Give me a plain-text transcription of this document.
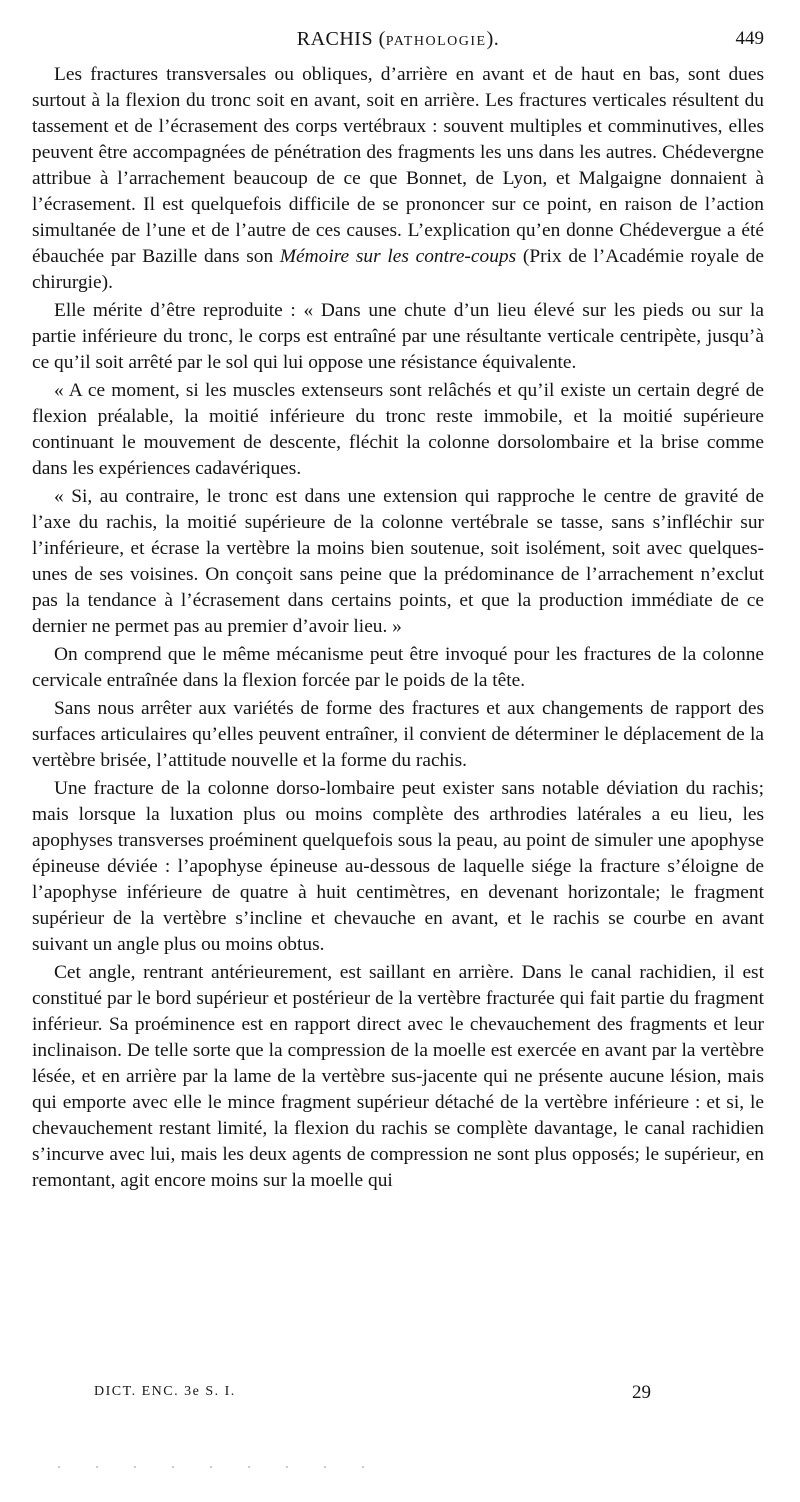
RACHIS (PATHOLOGIE).	449

Les fractures transversales ou obliques, d’arrière en avant et de haut en bas, sont dues surtout à la flexion du tronc soit en avant, soit en arrière. Les fractures verticales résultent du tassement et de l’écrasement des corps vertébraux : souvent multiples et comminutives, elles peuvent être accompagnées de pénétration des fragments les uns dans les autres. Chédevergne attribue à l’arrachement beaucoup de ce que Bonnet, de Lyon, et Malgaigne donnaient à l’écrasement. Il est quelquefois difficile de se prononcer sur ce point, en raison de l’action simultanée de l’une et de l’autre de ces causes. L’explication qu’en donne Chédevergue a été ébauchée par Bazille dans son Mémoire sur les contre-coups (Prix de l’Académie royale de chirurgie).

Elle mérite d’être reproduite : « Dans une chute d’un lieu élevé sur les pieds ou sur la partie inférieure du tronc, le corps est entraîné par une résultante verticale centripète, jusqu’à ce qu’il soit arrêté par le sol qui lui oppose une résistance équivalente.

« A ce moment, si les muscles extenseurs sont relâchés et qu’il existe un certain degré de flexion préalable, la moitié inférieure du tronc reste immobile, et la moitié supérieure continuant le mouvement de descente, fléchit la colonne dorsolombaire et la brise comme dans les expériences cadavériques.

« Si, au contraire, le tronc est dans une extension qui rapproche le centre de gravité de l’axe du rachis, la moitié supérieure de la colonne vertébrale se tasse, sans s’infléchir sur l’inférieure, et écrase la vertèbre la moins bien soutenue, soit isolément, soit avec quelques-unes de ses voisines. On conçoit sans peine que la prédominance de l’arrachement n’exclut pas la tendance à l’écrasement dans certains points, et que la production immédiate de ce dernier ne permet pas au premier d’avoir lieu. »

On comprend que le même mécanisme peut être invoqué pour les fractures de la colonne cervicale entraînée dans la flexion forcée par le poids de la tête.

Sans nous arrêter aux variétés de forme des fractures et aux changements de rapport des surfaces articulaires qu’elles peuvent entraîner, il convient de déterminer le déplacement de la vertèbre brisée, l’attitude nouvelle et la forme du rachis.

Une fracture de la colonne dorso-lombaire peut exister sans notable déviation du rachis; mais lorsque la luxation plus ou moins complète des arthrodies latérales a eu lieu, les apophyses transverses proéminent quelquefois sous la peau, au point de simuler une apophyse épineuse déviée : l’apophyse épineuse au-dessous de laquelle siége la fracture s’éloigne de l’apophyse inférieure de quatre à huit centimètres, en devenant horizontale; le fragment supérieur de la vertèbre s’incline et chevauche en avant, et le rachis se courbe en avant suivant un angle plus ou moins obtus.

Cet angle, rentrant antérieurement, est saillant en arrière. Dans le canal rachidien, il est constitué par le bord supérieur et postérieur de la vertèbre fracturée qui fait partie du fragment inférieur. Sa proéminence est en rapport direct avec le chevauchement des fragments et leur inclinaison. De telle sorte que la compression de la moelle est exercée en avant par la vertèbre lésée, et en arrière par la lame de la vertèbre sus-jacente qui ne présente aucune lésion, mais qui emporte avec elle le mince fragment supérieur détaché de la vertèbre inférieure : et si, le chevauchement restant limité, la flexion du rachis se complète davantage, le canal rachidien s’incurve avec lui, mais les deux agents de compression ne sont plus opposés; le supérieur, en remontant, agit encore moins sur la moelle qui

DICT. ENC. 3e S. I.	29
